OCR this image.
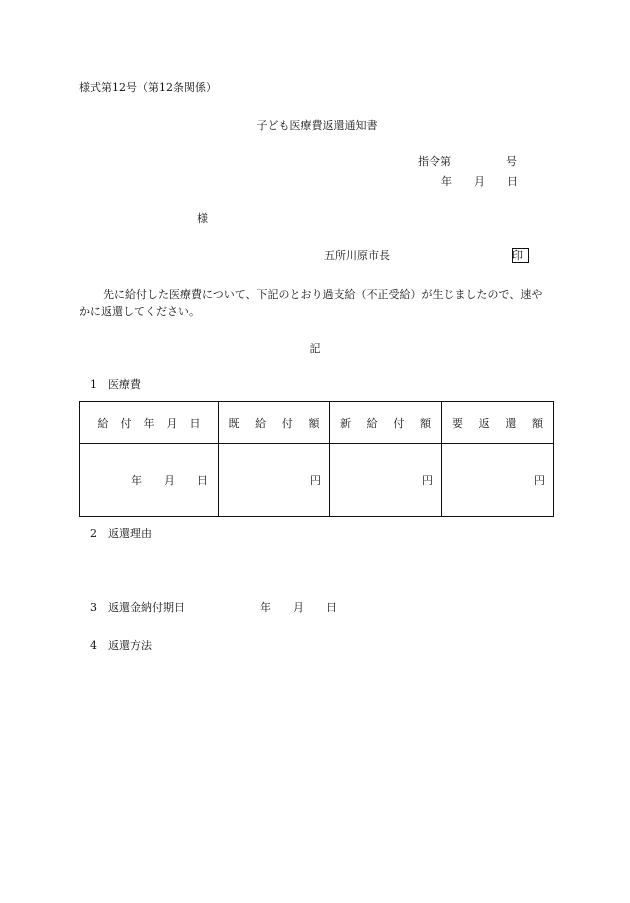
様式第12号（第12条関係）
子ども医療費返還通知書
指令第　　　　　号
年　　月　　日
様
五所川原市長	印
先に給付した医療費について、下記のとおり過支給（不正受給）が生じましたので、速やかに返還してください。
記
1　医療費
給付年月日	既給付額	新給付額	要返還額

年　　月　　日	円	円	円
2　返還理由
3　返還金納付期日	年　　月　　日
4　返還方法
